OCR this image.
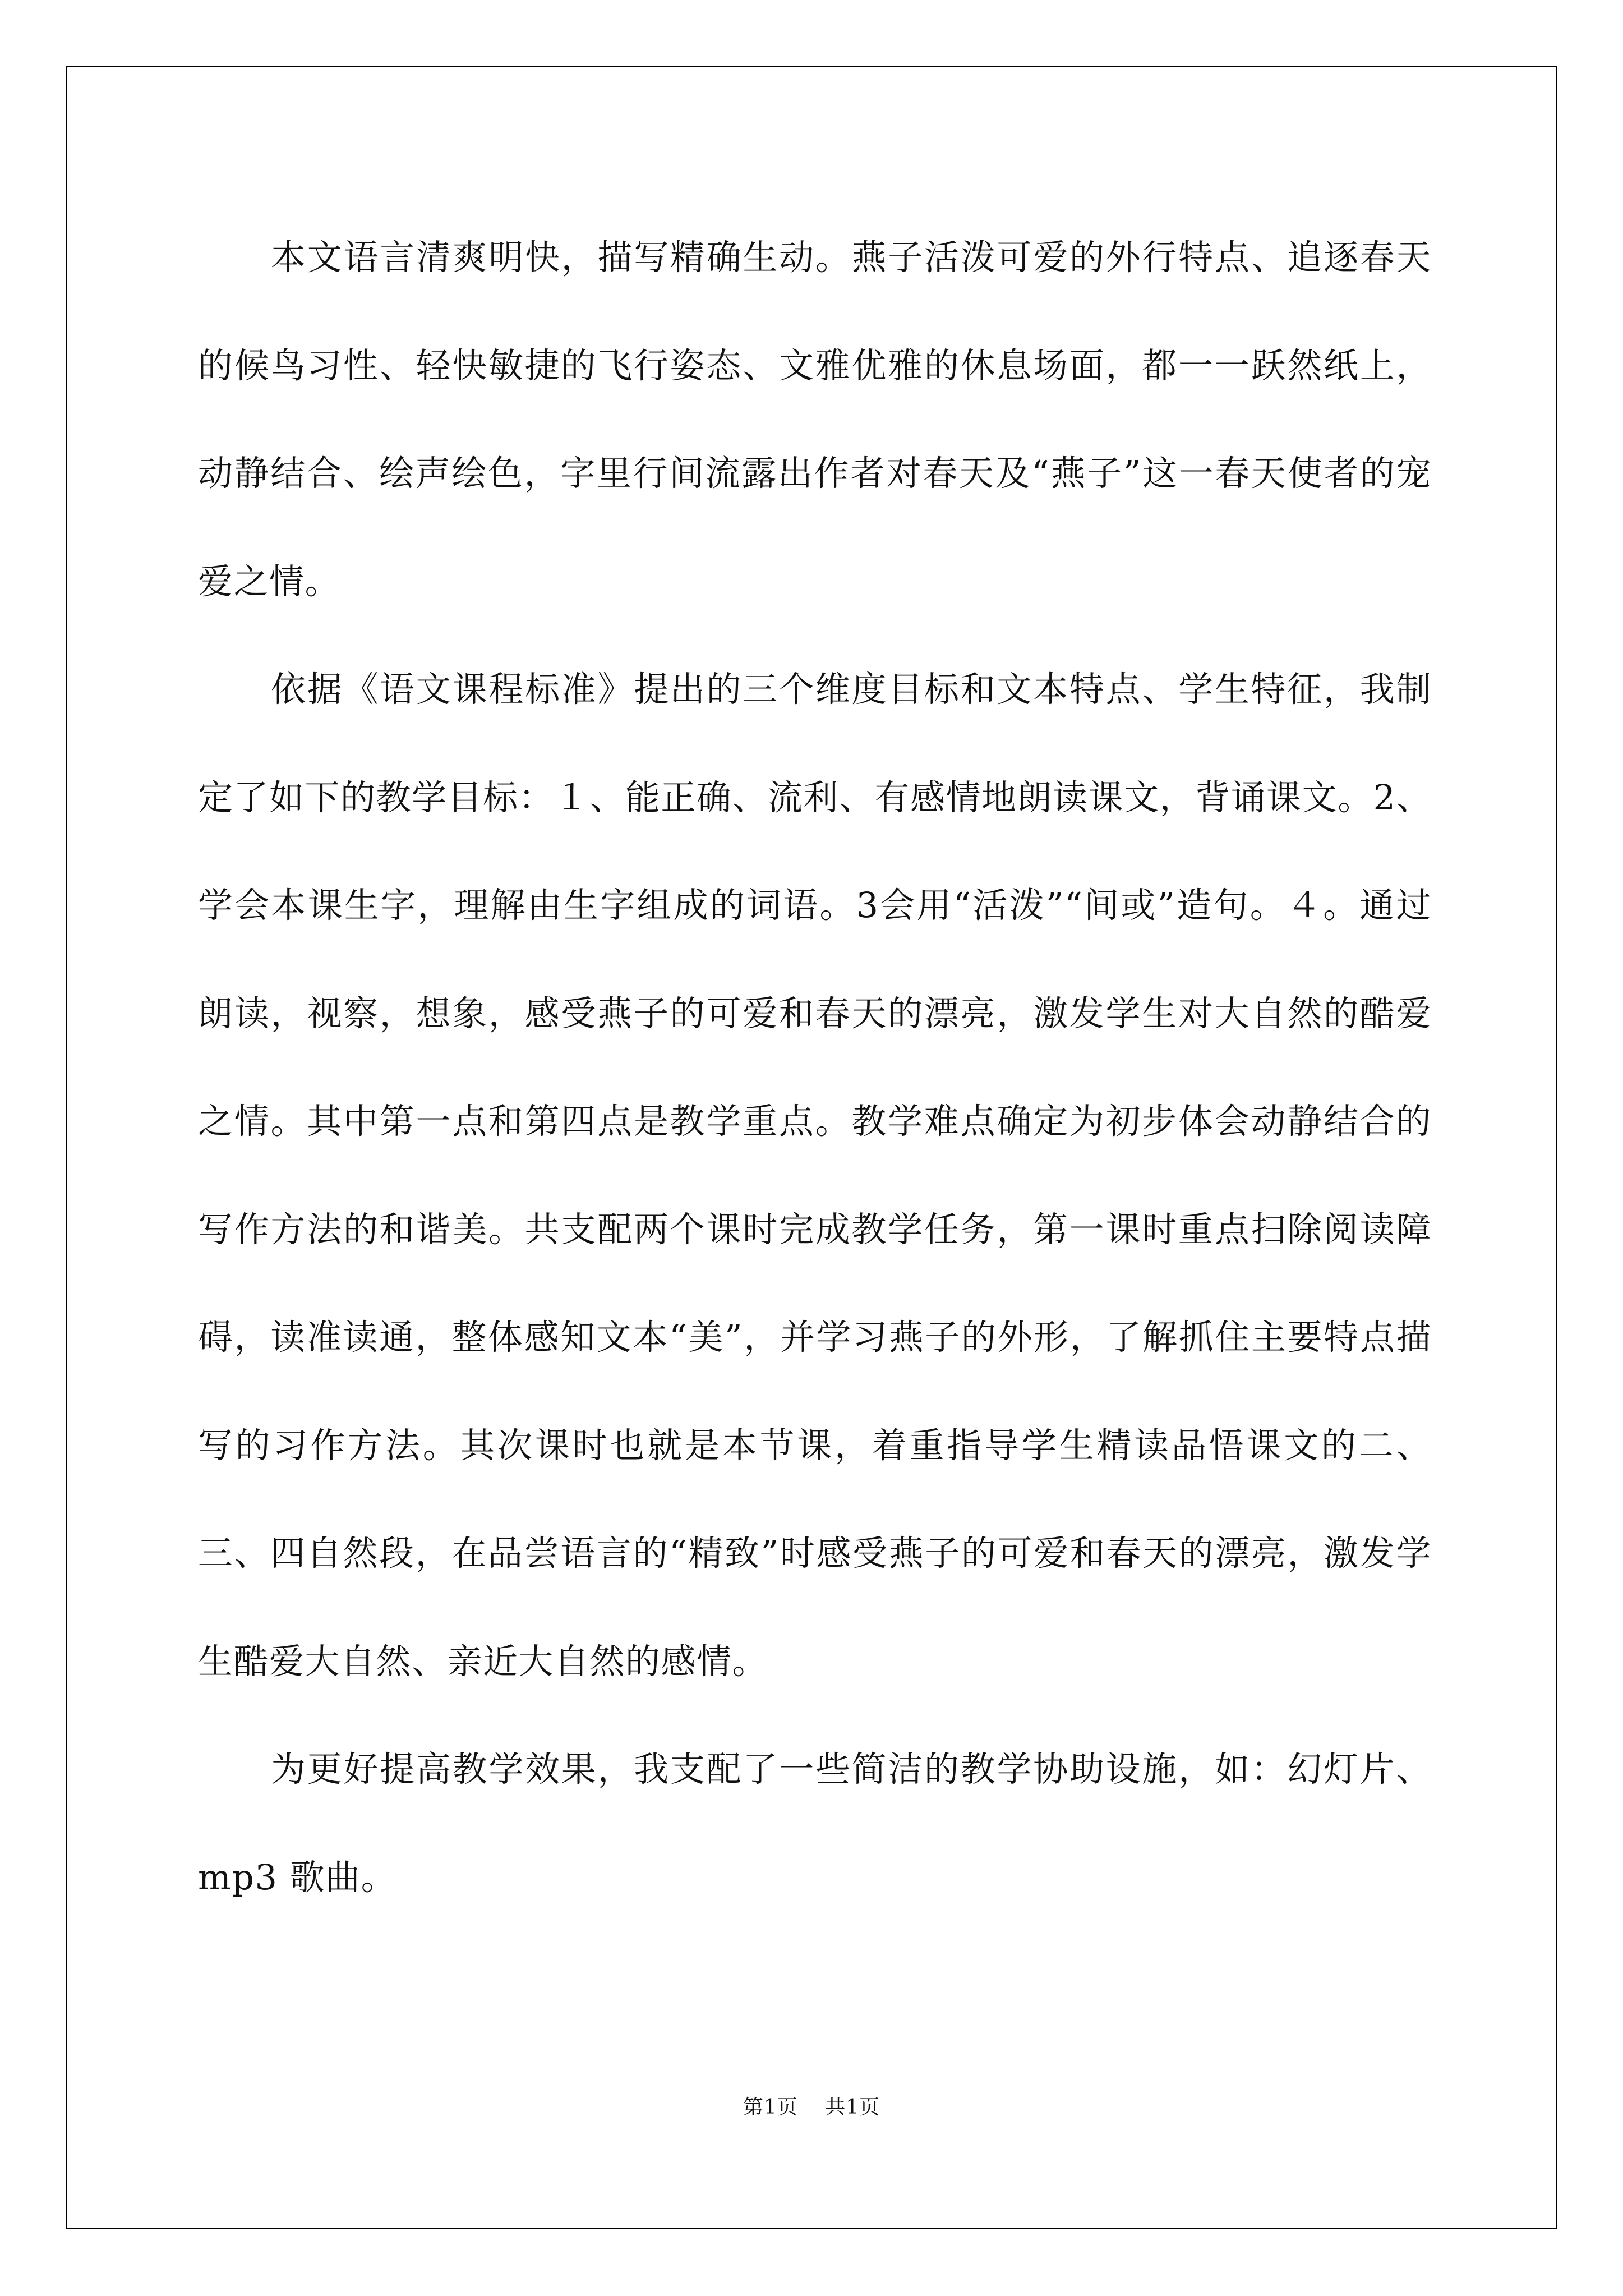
本文语言清爽明快，描写精确生动。燕子活泼可爱的外行特点、追逐春天的候鸟习性、轻快敏捷的飞行姿态、文雅优雅的休息场面，都一一跃然纸上，动静结合、绘声绘色，字里行间流露出作者对春天及“燕子”这一春天使者的宠爱之情。

依据《语文课程标准》提出的三个维度目标和文本特点、学生特征，我制定了如下的教学目标：１、能正确、流利、有感情地朗读课文，背诵课文。2、学会本课生字，理解由生字组成的词语。3会用“活泼”“间或”造句。４。通过朗读，视察，想象，感受燕子的可爱和春天的漂亮，激发学生对大自然的酷爱之情。其中第一点和第四点是教学重点。教学难点确定为初步体会动静结合的写作方法的和谐美。共支配两个课时完成教学任务，第一课时重点扫除阅读障碍，读准读通，整体感知文本“美”，并学习燕子的外形，了解抓住主要特点描写的习作方法。其次课时也就是本节课，着重指导学生精读品悟课文的二、三、四自然段，在品尝语言的“精致”时感受燕子的可爱和春天的漂亮，激发学生酷爱大自然、亲近大自然的感情。

为更好提高教学效果，我支配了一些简洁的教学协助设施，如：幻灯片、mp3 歌曲。

第1页 共1页
